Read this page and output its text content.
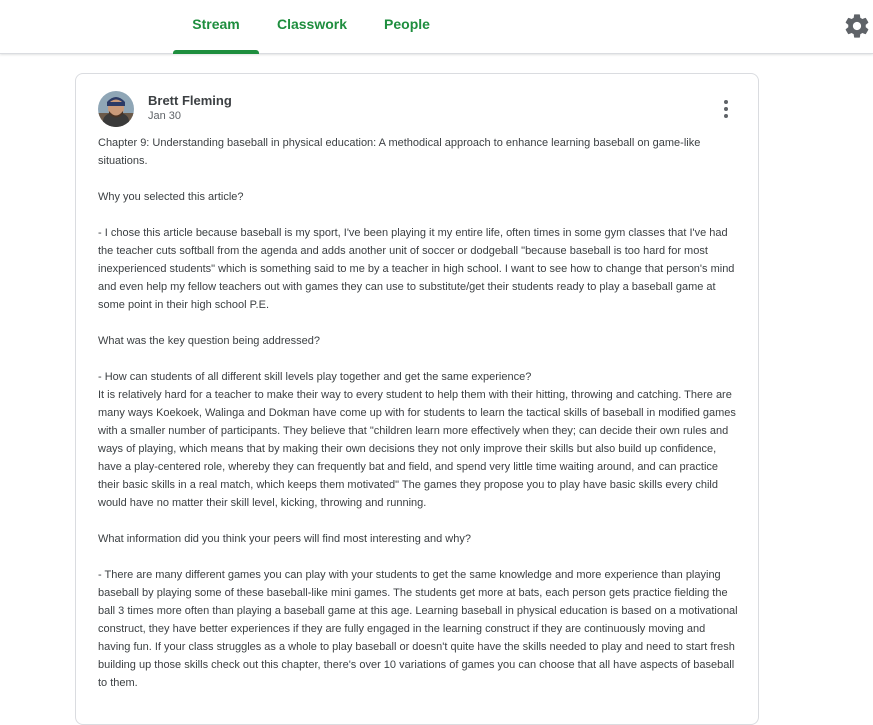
Stream	Classwork	People
Brett Fleming
Jan 30

Chapter 9: Understanding baseball in physical education: A methodical approach to enhance learning baseball on game-like situations.

Why you selected this article?

- I chose this article because baseball is my sport, I've been playing it my entire life, often times in some gym classes that I've had the teacher cuts softball from the agenda and adds another unit of soccer or dodgeball "because baseball is too hard for most inexperienced students" which is something said to me by a teacher in high school. I want to see how to change that person's mind and even help my fellow teachers out with games they can use to substitute/get their students ready to play a baseball game at some point in their high school P.E.

What was the key question being addressed?

- How can students of all different skill levels play together and get the same experience?

It is relatively hard for a teacher to make their way to every student to help them with their hitting, throwing and catching. There are many ways Koekoek, Walinga and Dokman have come up with for students to learn the tactical skills of baseball in modified games with a smaller number of participants. They believe that "children learn more effectively when they; can decide their own rules and ways of playing, which means that by making their own decisions they not only improve their skills but also build up confidence, have a play-centered role, whereby they can frequently bat and field, and spend very little time waiting around, and can practice their basic skills in a real match, which keeps them motivated" The games they propose you to play have basic skills every child would have no matter their skill level, kicking, throwing and running.

What information did you think your peers will find most interesting and why?

- There are many different games you can play with your students to get the same knowledge and more experience than playing baseball by playing some of these baseball-like mini games. The students get more at bats, each person gets practice fielding the ball 3 times more often than playing a baseball game at this age. Learning baseball in physical education is based on a motivational construct, they have better experiences if they are fully engaged in the learning construct if they are continuously moving and having fun. If your class struggles as a whole to play baseball or doesn't quite have the skills needed to play and need to start fresh building up those skills check out this chapter, there's over 10 variations of games you can choose that all have aspects of baseball to them.
